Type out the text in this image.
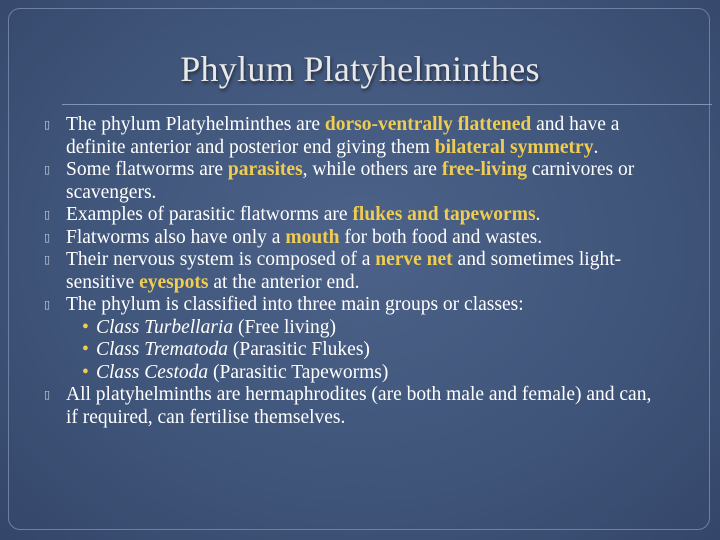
Phylum Platyhelminthes
▯ The phylum Platyhelminthes are dorso-ventrally flattened and have a definite anterior and posterior end giving them bilateral symmetry.
▯ Some flatworms are parasites, while others are free-living carnivores or scavengers.
▯ Examples of parasitic flatworms are flukes and tapeworms.
▯ Flatworms also have only a mouth for both food and wastes.
▯ Their nervous system is composed of a nerve net and sometimes light-sensitive eyespots at the anterior end.
▯ The phylum is classified into three main groups or classes:
• Class Turbellaria (Free living)
• Class Trematoda (Parasitic Flukes)
• Class Cestoda (Parasitic Tapeworms)
▯ All platyhelminths are hermaphrodites (are both male and female) and can, if required, can fertilise themselves.
